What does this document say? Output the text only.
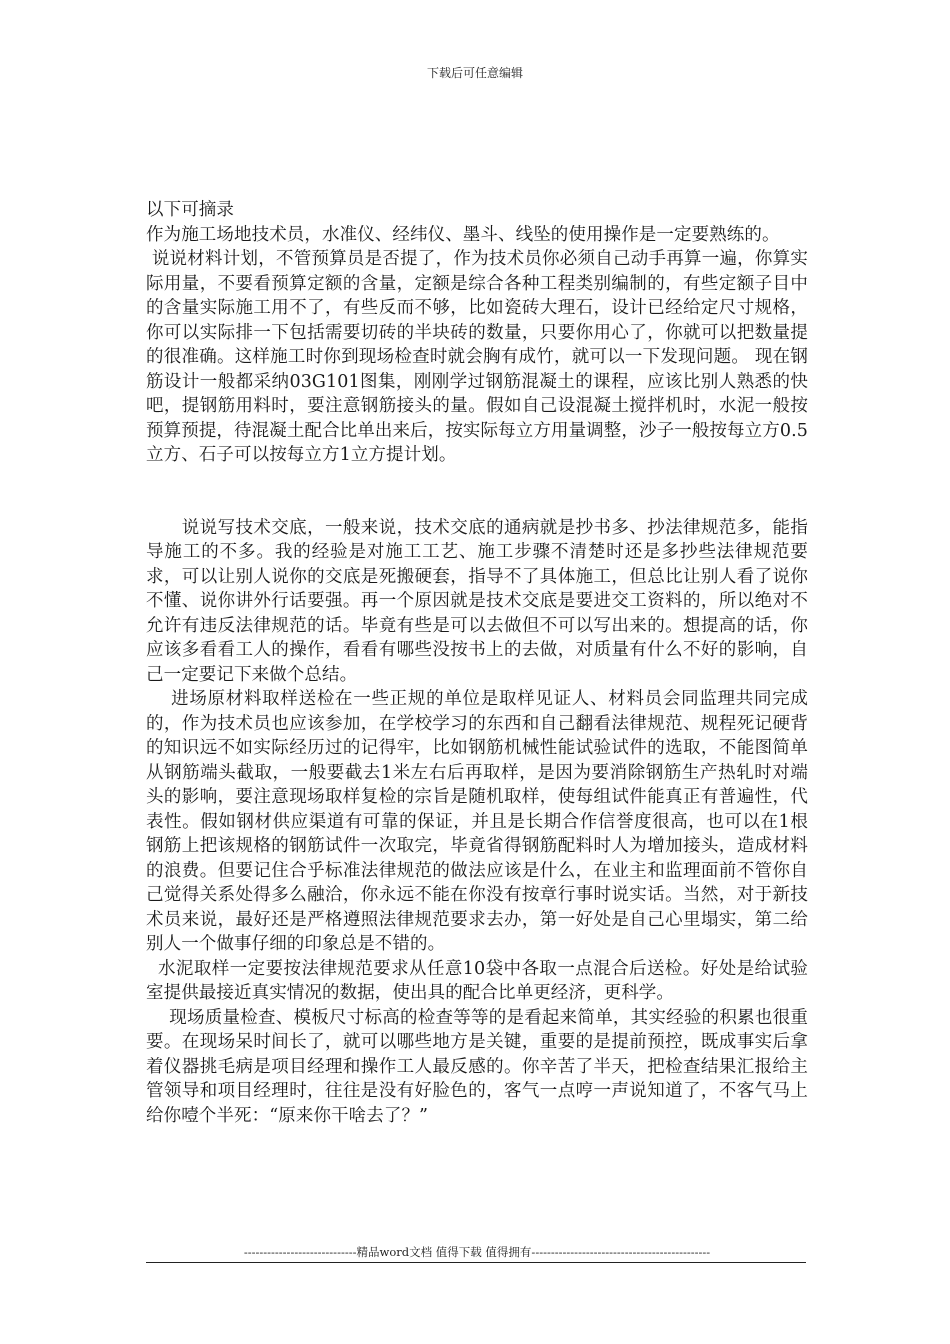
下载后可任意编辑

以下可摘录

作为施工场地技术员，水准仪、经纬仪、墨斗、线坠的使用操作是一定要熟练的。

说说材料计划，不管预算员是否提了，作为技术员你必须自己动手再算一遍，你算实际用量，不要看预算定额的含量，定额是综合各种工程类别编制的，有些定额子目中的含量实际施工用不了，有些反而不够，比如瓷砖大理石，设计已经给定尺寸规格，你可以实际排一下包括需要切砖的半块砖的数量，只要你用心了，你就可以把数量提的很准确。这样施工时你到现场检查时就会胸有成竹，就可以一下发现问题。 现在钢筋设计一般都采纳03G101图集，刚刚学过钢筋混凝土的课程，应该比别人熟悉的快吧，提钢筋用料时，要注意钢筋接头的量。假如自己设混凝土搅拌机时，水泥一般按预算预提，待混凝土配合比单出来后，按实际每立方用量调整，沙子一般按每立方0.5立方、石子可以按每立方1立方提计划。

说说写技术交底，一般来说，技术交底的通病就是抄书多、抄法律规范多，能指导施工的不多。我的经验是对施工工艺、施工步骤不清楚时还是多抄些法律规范要求，可以让别人说你的交底是死搬硬套，指导不了具体施工，但总比让别人看了说你不懂、说你讲外行话要强。再一个原因就是技术交底是要进交工资料的，所以绝对不允许有违反法律规范的话。毕竟有些是可以去做但不可以写出来的。想提高的话，你应该多看看工人的操作，看看有哪些没按书上的去做，对质量有什么不好的影响，自己一定要记下来做个总结。

进场原材料取样送检在一些正规的单位是取样见证人、材料员会同监理共同完成的，作为技术员也应该参加，在学校学习的东西和自己翻看法律规范、规程死记硬背的知识远不如实际经历过的记得牢，比如钢筋机械性能试验试件的选取，不能图简单从钢筋端头截取，一般要截去1米左右后再取样，是因为要消除钢筋生产热轧时对端头的影响，要注意现场取样复检的宗旨是随机取样，使每组试件能真正有普遍性，代表性。假如钢材供应渠道有可靠的保证，并且是长期合作信誉度很高，也可以在1根钢筋上把该规格的钢筋试件一次取完，毕竟省得钢筋配料时人为增加接头，造成材料的浪费。但要记住合乎标准法律规范的做法应该是什么，在业主和监理面前不管你自己觉得关系处得多么融洽，你永远不能在你没有按章行事时说实话。当然，对于新技术员来说，最好还是严格遵照法律规范要求去办，第一好处是自己心里塌实，第二给别人一个做事仔细的印象总是不错的。

水泥取样一定要按法律规范要求从任意10袋中各取一点混合后送检。好处是给试验室提供最接近真实情况的数据，使出具的配合比单更经济，更科学。

现场质量检查、模板尺寸标高的检查等等的是看起来简单，其实经验的积累也很重要。在现场呆时间长了，就可以哪些地方是关键，重要的是提前预控，既成事实后拿着仪器挑毛病是项目经理和操作工人最反感的。你辛苦了半天，把检查结果汇报给主管领导和项目经理时，往往是没有好脸色的，客气一点哼一声说知道了，不客气马上给你噎个半死：“原来你干啥去了？”

-----------------------------精品word文档 值得下载 值得拥有----------------------------------------------
